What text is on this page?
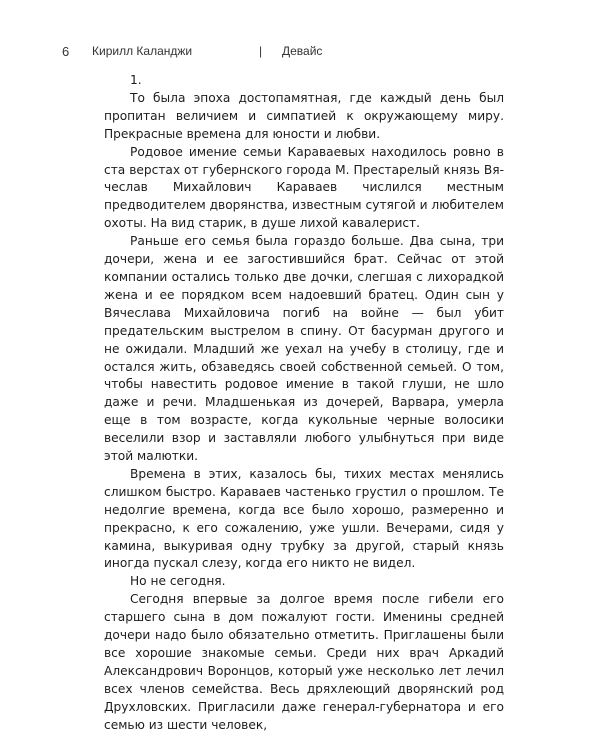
6 Кирилл Каланджи	| Девайс

1.

То была эпоха достопамятная, где каждый день был пропитан величием и симпатией к окружающему миру. Прекрасные времена для юности и любви.

Родовое имение семьи Караваевых находилось ровно в ста верстах от губернского города М. Престарелый князь Вячеслав Михайлович Караваев числился местным предводителем дворянства, известным сутягой и любителем охоты. На вид старик, в душе лихой кавалерист.

Раньше его семья была гораздо больше. Два сына, три дочери, жена и ее загостившийся брат. Сейчас от этой компании остались только две дочки, слегшая с лихорадкой жена и ее порядком всем надоевший братец. Один сын у Вячеслава Михайловича погиб на войне — был убит предательским выстрелом в спину. От басурман другого и не ожидали. Младший же уехал на учебу в столицу, где и остался жить, обзаведясь своей собственной семьей. О том, чтобы навестить родовое имение в такой глуши, не шло даже и речи. Младшенькая из дочерей, Варвара, умерла еще в том возрасте, когда кукольные черные волосики веселили взор и заставляли любого улыбнуться при виде этой малютки.

Времена в этих, казалось бы, тихих местах менялись слишком быстро. Караваев частенько грустил о прошлом. Те недолгие времена, когда все было хорошо, размеренно и прекрасно, к его сожалению, уже ушли. Вечерами, сидя у камина, выкуривая одну трубку за другой, старый князь иногда пускал слезу, когда его никто не видел.

Но не сегодня.

Сегодня впервые за долгое время после гибели его старшего сына в дом пожалуют гости. Именины средней дочери надо было обязательно отметить. Приглашены были все хорошие знакомые семьи. Среди них врач Аркадий Александрович Воронцов, который уже несколько лет лечил всех членов семейства. Весь дряхлеющий дворянский род Друхловских. Пригласили даже генерал-губернатора и его семью из шести человек,
